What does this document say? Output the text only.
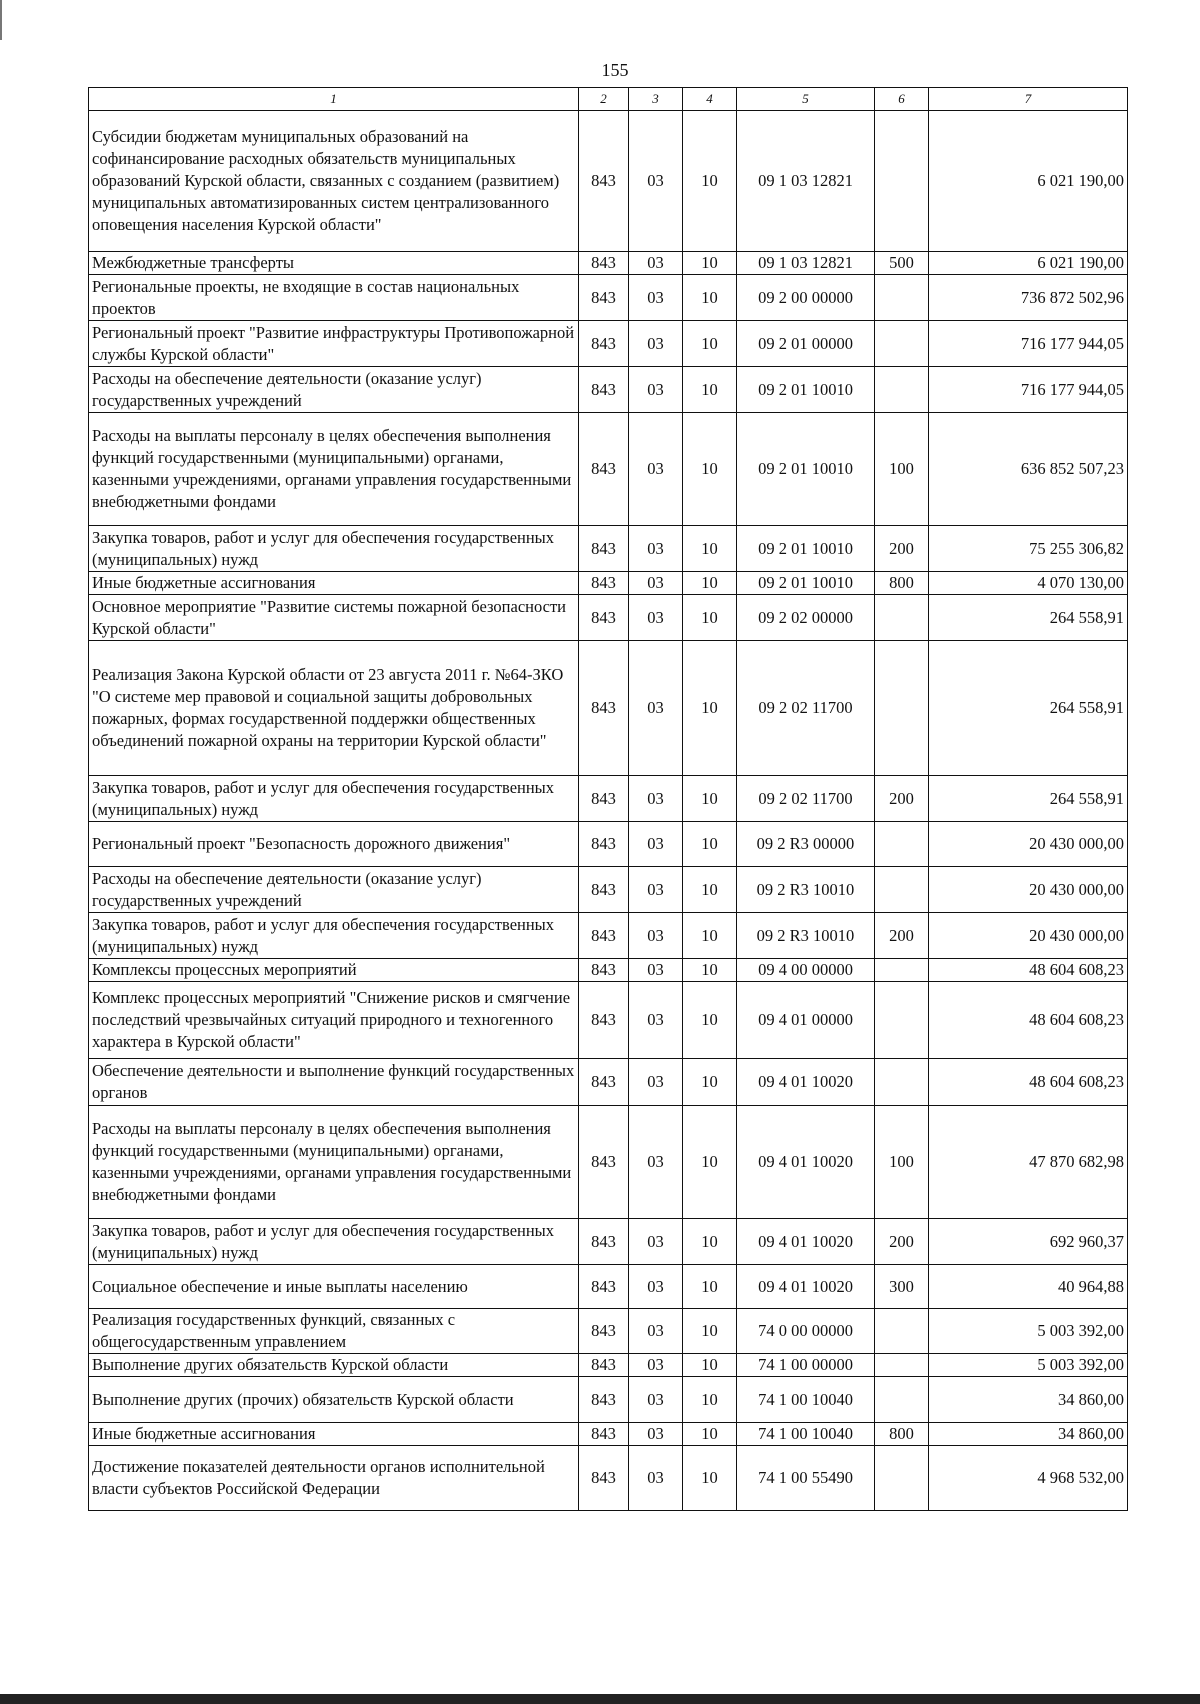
155
1	2	3	4	5	6	7
Субсидии бюджетам муниципальных образований на софинансирование расходных обязательств муниципальных образований Курской области, связанных с созданием (развитием) муниципальных автоматизированных систем централизованного оповещения населения Курской области"	843	03	10	09 1 03 12821		6 021 190,00
Межбюджетные трансферты	843	03	10	09 1 03 12821	500	6 021 190,00
Региональные проекты, не входящие в состав национальных проектов	843	03	10	09 2 00 00000		736 872 502,96
Региональный проект "Развитие инфраструктуры Противопожарной службы Курской области"	843	03	10	09 2 01 00000		716 177 944,05
Расходы на обеспечение деятельности (оказание услуг) государственных учреждений	843	03	10	09 2 01 10010		716 177 944,05
Расходы на выплаты персоналу в целях обеспечения выполнения функций государственными (муниципальными) органами, казенными учреждениями, органами управления государственными внебюджетными фондами	843	03	10	09 2 01 10010	100	636 852 507,23
Закупка товаров, работ и услуг для обеспечения государственных (муниципальных) нужд	843	03	10	09 2 01 10010	200	75 255 306,82
Иные бюджетные ассигнования	843	03	10	09 2 01 10010	800	4 070 130,00
Основное мероприятие "Развитие системы пожарной безопасности Курской области"	843	03	10	09 2 02 00000		264 558,91
Реализация Закона Курской области от 23 августа 2011 г. №64-ЗКО "О системе мер правовой и социальной защиты добровольных пожарных, формах государственной поддержки общественных объединений пожарной охраны на территории Курской области"	843	03	10	09 2 02 11700		264 558,91
Закупка товаров, работ и услуг для обеспечения государственных (муниципальных) нужд	843	03	10	09 2 02 11700	200	264 558,91
Региональный проект "Безопасность дорожного движения"	843	03	10	09 2 R3 00000		20 430 000,00
Расходы на обеспечение деятельности (оказание услуг) государственных учреждений	843	03	10	09 2 R3 10010		20 430 000,00
Закупка товаров, работ и услуг для обеспечения государственных (муниципальных) нужд	843	03	10	09 2 R3 10010	200	20 430 000,00
Комплексы процессных мероприятий	843	03	10	09 4 00 00000		48 604 608,23
Комплекс процессных мероприятий "Снижение рисков и смягчение последствий чрезвычайных ситуаций природного и техногенного характера в Курской области"	843	03	10	09 4 01 00000		48 604 608,23
Обеспечение деятельности и выполнение функций государственных органов	843	03	10	09 4 01 10020		48 604 608,23
Расходы на выплаты персоналу в целях обеспечения выполнения функций государственными (муниципальными) органами, казенными учреждениями, органами управления государственными внебюджетными фондами	843	03	10	09 4 01 10020	100	47 870 682,98
Закупка товаров, работ и услуг для обеспечения государственных (муниципальных) нужд	843	03	10	09 4 01 10020	200	692 960,37
Социальное обеспечение и иные выплаты населению	843	03	10	09 4 01 10020	300	40 964,88
Реализация государственных функций, связанных с общегосударственным управлением	843	03	10	74 0 00 00000		5 003 392,00
Выполнение других обязательств Курской области	843	03	10	74 1 00 00000		5 003 392,00
Выполнение других (прочих) обязательств Курской области	843	03	10	74 1 00 10040		34 860,00
Иные бюджетные ассигнования	843	03	10	74 1 00 10040	800	34 860,00
Достижение показателей деятельности органов исполнительной власти субъектов Российской Федерации	843	03	10	74 1 00 55490		4 968 532,00
